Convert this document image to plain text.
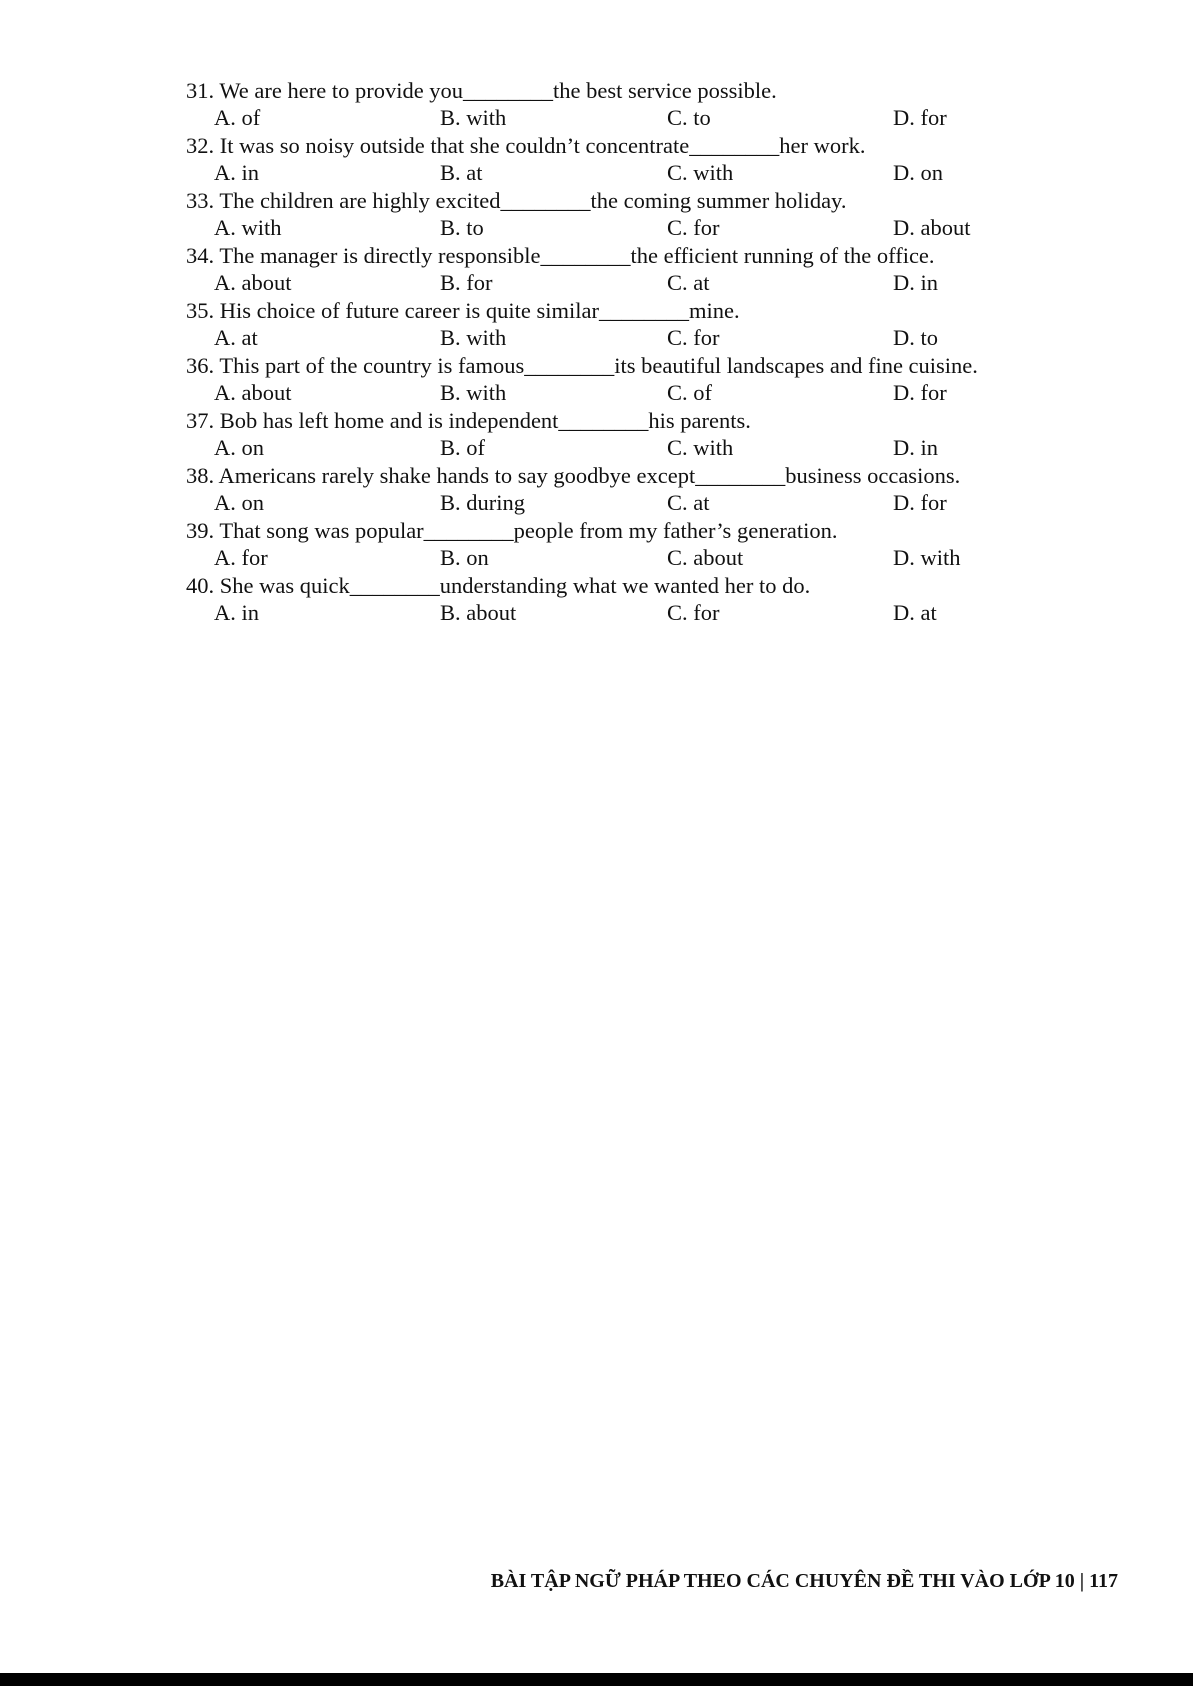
31. We are here to provide you________the best service possible.
A. of	B. with	C. to	D. for
32. It was so noisy outside that she couldn’t concentrate________her work.
A. in	B. at	C. with	D. on
33. The children are highly excited________the coming summer holiday.
A. with	B. to	C. for	D. about
34. The manager is directly responsible________the efficient running of the office.
A. about	B. for	C. at	D. in
35. His choice of future career is quite similar________mine.
A. at	B. with	C. for	D. to
36. This part of the country is famous________its beautiful landscapes and fine cuisine.
A. about	B. with	C. of	D. for
37. Bob has left home and is independent________his parents.
A. on	B. of	C. with	D. in
38. Americans rarely shake hands to say goodbye except________business occasions.
A. on	B. during	C. at	D. for
39. That song was popular________people from my father’s generation.
A. for	B. on	C. about	D. with
40. She was quick________understanding what we wanted her to do.
A. in	B. about	C. for	D. at
BÀI TẬP NGỮ PHÁP THEO CÁC CHUYÊN ĐỀ THI VÀO LỚP 10 | 117
